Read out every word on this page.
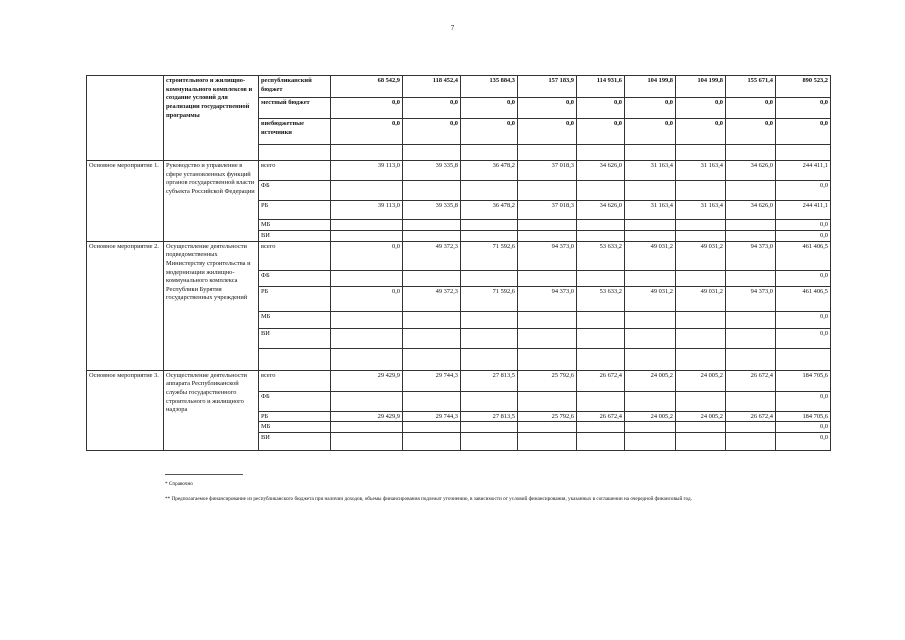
7
	строительного и жилищно-коммунального комплексов и создание условий для реализации государственной программы	республиканский бюджет	68 542,9	118 452,4	135 884,3	157 183,9	114 931,6	104 199,8	104 199,8	155 671,4	890 523,2
		местный бюджет	0,0	0,0	0,0	0,0	0,0	0,0	0,0	0,0	0,0
		внебюджетные источники	0,0	0,0	0,0	0,0	0,0	0,0	0,0	0,0	0,0

Основное мероприятие 1.	Руководство и управление в сфере установленных функций органов государственной власти субъекта Российской Федерации	всего	39 113,0	39 335,8	36 478,2	37 018,3	34 626,0	31 163,4	31 163,4	34 626,0	244 411,1
		ФБ									0,0
		РБ	39 113,0	39 335,8	36 478,2	37 018,3	34 626,0	31 163,4	31 163,4	34 626,0	244 411,1
		МБ									0,0
		ВИ									0,0
Основное мероприятие 2.	Осуществление деятельности подведомственных Министерству строительства и модернизации жилищно-коммунального комплекса Республики Бурятия государственных учреждений	всего	0,0	49 372,3	71 592,6	94 373,0	53 633,2	49 031,2	49 031,2	94 373,0	461 406,5
		ФБ									0,0
		РБ	0,0	49 372,3	71 592,6	94 373,0	53 633,2	49 031,2	49 031,2	94 373,0	461 406,5
		МБ									0,0
		ВИ									0,0

Основное мероприятие 3.	Осуществление деятельности аппарата Республиканской службы государственного строительного и жилищного надзора	всего	29 429,9	29 744,3	27 813,5	25 792,6	26 672,4	24 005,2	24 005,2	26 672,4	184 705,6
		ФБ									0,0
		РБ	29 429,9	29 744,3	27 813,5	25 792,6	26 672,4	24 005,2	24 005,2	26 672,4	184 705,6
		МБ									0,0
		ВИ									0,0
* Справочно
** Предполагаемое финансирование из республиканского бюджета при наличии доходов, объемы финансирования подлежат уточнению, в зависимости от условий финансирования, указанных в соглашении на очередной финансовый год.
